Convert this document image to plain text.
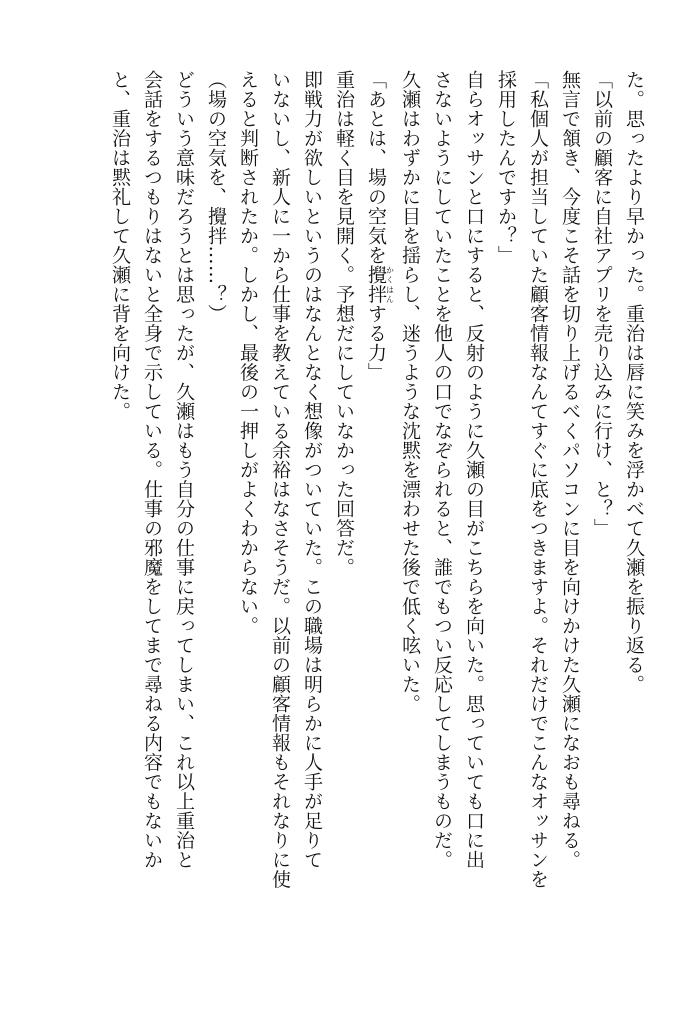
た。思ったより早かった。重治は唇に笑みを浮かべて久瀬を振り返る。

「以前の顧客に自社アプリを売り込みに行け、と？」

無言で頷き、今度こそ話を切り上げるべくパソコンに目を向けかけた久瀬になおも尋ねる。

「私個人が担当していた顧客情報なんてすぐに底をつきますよ。それだけでこんなオッサンを

採用したんですか？」

自らオッサンと口にすると、反射のように久瀬の目がこちらを向いた。思っていても口に出

さないようにしていたことを他人の口でなぞられると、誰でもつい反応してしまうものだ。

久瀬はわずかに目を揺らし、迷うような沈黙を漂わせた後で低く呟いた。

「あとは、場の空気を攪拌かくはんする力」

重治は軽く目を見開く。予想だにしていなかった回答だ。

即戦力が欲しいというのはなんとなく想像がついていた。この職場は明らかに人手が足りて

いないし、新人に一から仕事を教えている余裕はなさそうだ。以前の顧客情報もそれなりに使

えると判断されたか。しかし、最後の一押しがよくわからない。

（場の空気を、攪拌……？）

どういう意味だろうとは思ったが、久瀬はもう自分の仕事に戻ってしまい、これ以上重治と

会話をするつもりはないと全身で示している。仕事の邪魔をしてまで尋ねる内容でもないか

と、重治は黙礼して久瀬に背を向けた。
